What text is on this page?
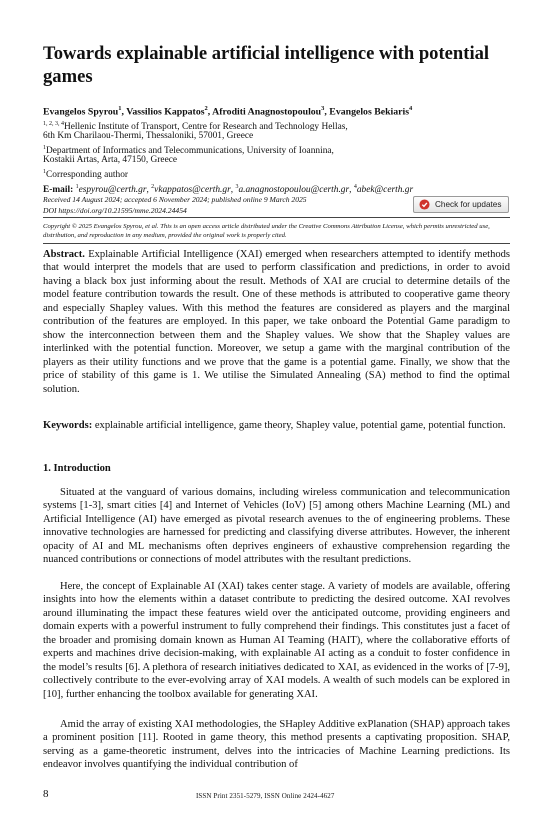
Towards explainable artificial intelligence with potential games
Evangelos Spyrou$^1$, Vassilios Kappatos$^2$, Afroditi Anagnostopoulou$^3$, Evangelos Bekiaris$^4$
$^{1, 2, 3, 4}$Hellenic Institute of Transport, Centre for Research and Technology Hellas,
6th Km Charilaou-Thermi, Thessaloniki, 57001, Greece
$^1$Department of Informatics and Telecommunications, University of Ioannina,
Kostakii Artas, Arta, 47150, Greece
$^1$Corresponding author
E-mail: $^1$espyrou@certh.gr, $^2$vkappatos@certh.gr, $^3$a.anagnostopoulou@certh.gr, $^4$abek@certh.gr
Received 14 August 2024; accepted 6 November 2024; published online 9 March 2025
DOI https://doi.org/10.21595/mme.2024.24454
Check for updates
Copyright © 2025 Evangelos Spyrou, et al. This is an open access article distributed under the Creative Commons Attribution License, which permits unrestricted use, distribution, and reproduction in any medium, provided the original work is properly cited.
Abstract. Explainable Artificial Intelligence (XAI) emerged when researchers attempted to identify methods that would interpret the models that are used to perform classification and predictions, in order to avoid having a black box just informing about the result. Methods of XAI are crucial to determine details of the model feature contribution towards the result. One of these methods is attributed to cooperative game theory and especially Shapley values. With this method the features are considered as players and the marginal contribution of the features are employed. In this paper, we take onboard the Potential Game paradigm to show the interconnection between them and the Shapley values. We show that the Shapley values are interlinked with the potential function. Moreover, we setup a game with the marginal contribution of the players as their utility functions and we prove that the game is a potential game. Finally, we show that the price of stability of this game is 1. We utilise the Simulated Annealing (SA) method to find the optimal solution.
Keywords: explainable artificial intelligence, game theory, Shapley value, potential game, potential function.
1. Introduction
Situated at the vanguard of various domains, including wireless communication and telecommunication systems [1-3], smart cities [4] and Internet of Vehicles (IoV) [5] among others Machine Learning (ML) and Artificial Intelligence (AI) have emerged as pivotal research avenues to the of engineering problems. These innovative technologies are harnessed for predicting and classifying diverse attributes. However, the inherent opacity of AI and ML mechanisms often deprives engineers of exhaustive comprehension regarding the nuanced contributions or connections of model attributes with the resultant predictions.
Here, the concept of Explainable AI (XAI) takes center stage. A variety of models are available, offering insights into how the elements within a dataset contribute to predicting the desired outcome. XAI revolves around illuminating the impact these features wield over the anticipated outcome, providing engineers and domain experts with a powerful instrument to fully comprehend their findings. This constitutes just a facet of the broader and promising domain known as Human AI Teaming (HAIT), where the collaborative efforts of experts and machines drive decision-making, with explainable AI acting as a conduit to foster confidence in the model’s results [6]. A plethora of research initiatives dedicated to XAI, as evidenced in the works of [7-9], collectively contribute to the ever-evolving array of XAI models. A wealth of such models can be explored in [10], further enhancing the toolbox available for generating XAI.
Amid the array of existing XAI methodologies, the SHapley Additive exPlanation (SHAP) approach takes a prominent position [11]. Rooted in game theory, this method presents a captivating proposition. SHAP, serving as a game-theoretic instrument, delves into the intricacies of Machine Learning predictions. Its endeavor involves quantifying the individual contribution of
8	ISSN Print 2351-5279, ISSN Online 2424-4627
